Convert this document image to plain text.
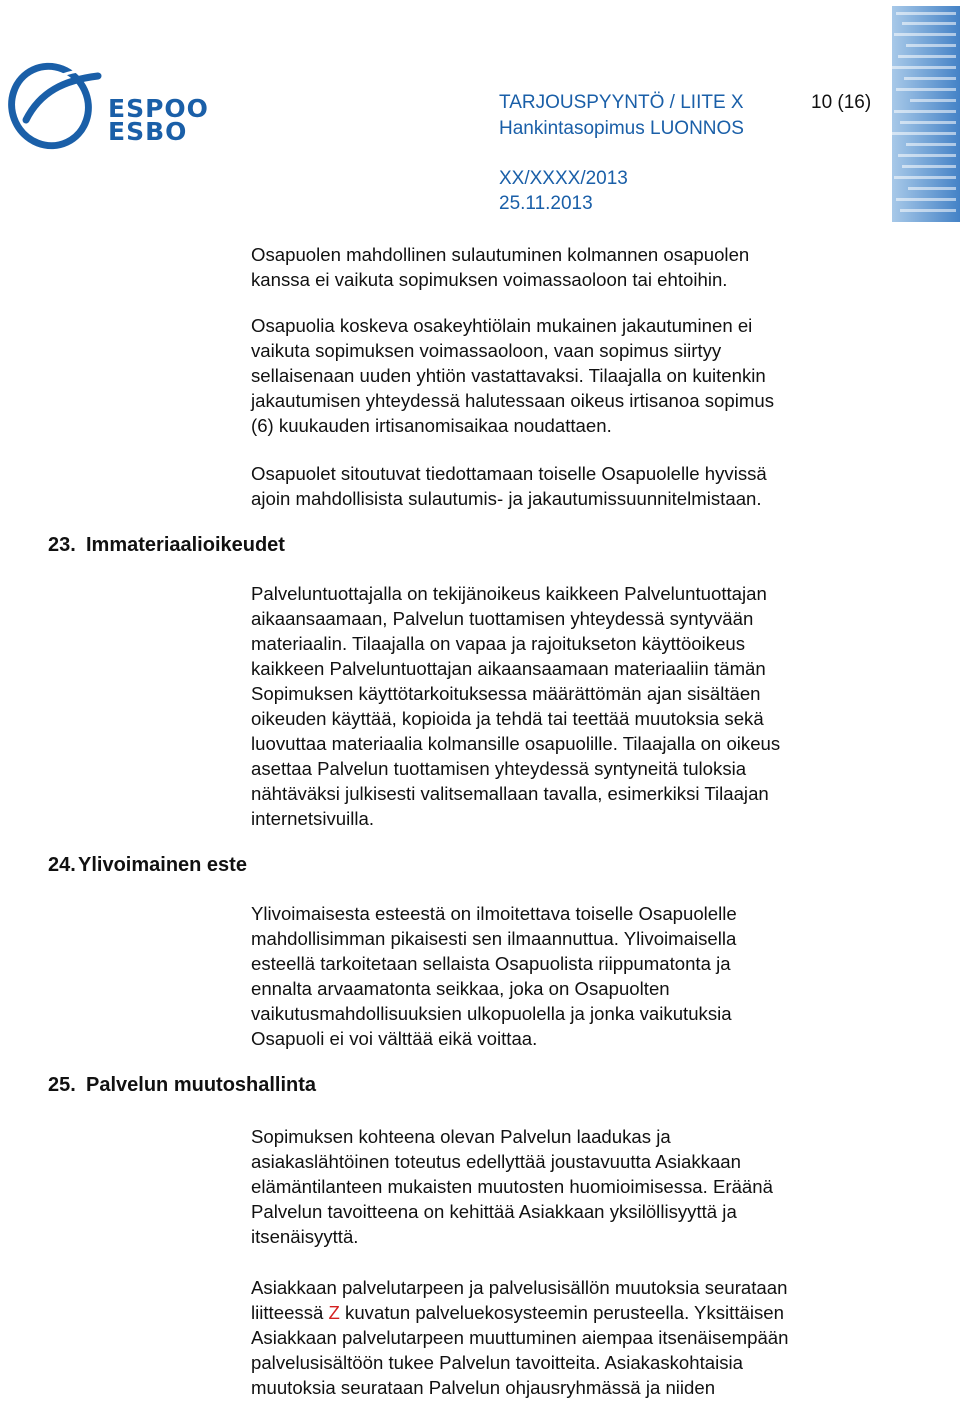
ESPOO
ESBO
TARJOUSPYYNTÖ / LIITE X	10 (16)
Hankintasopimus LUONNOS
XX/XXXX/2013
25.11.2013
23. Immateriaalioikeudet
24. Ylivoimainen este
25. Palvelun muutoshallinta
Osapuolen mahdollinen sulautuminen kolmannen osapuolen
kanssa ei vaikuta sopimuksen voimassaoloon tai ehtoihin.
Osapuolia koskeva osakeyhtiölain mukainen jakautuminen ei
vaikuta sopimuksen voimassaoloon, vaan sopimus siirtyy
sellaisenaan uuden yhtiön vastattavaksi. Tilaajalla on kuitenkin
jakautumisen yhteydessä halutessaan oikeus irtisanoa sopimus
(6) kuukauden irtisanomisaikaa noudattaen.
Osapuolet sitoutuvat tiedottamaan toiselle Osapuolelle hyvissä
ajoin mahdollisista sulautumis- ja jakautumissuunnitelmistaan.
Palveluntuottajalla on tekijänoikeus kaikkeen Palveluntuottajan
aikaansaamaan, Palvelun tuottamisen yhteydessä syntyvään
materiaalin. Tilaajalla on vapaa ja rajoitukseton käyttöoikeus
kaikkeen Palveluntuottajan aikaansaamaan materiaaliin tämän
Sopimuksen käyttötarkoituksessa määrättömän ajan sisältäen
oikeuden käyttää, kopioida ja tehdä tai teettää muutoksia sekä
luovuttaa materiaalia kolmansille osapuolille. Tilaajalla on oikeus
asettaa Palvelun tuottamisen yhteydessä syntyneitä tuloksia
nähtäväksi julkisesti valitsemallaan tavalla, esimerkiksi Tilaajan
internetsivuilla.
Ylivoimaisesta esteestä on ilmoitettava toiselle Osapuolelle
mahdollisimman pikaisesti sen ilmaannuttua. Ylivoimaisella
esteellä tarkoitetaan sellaista Osapuolista riippumatonta ja
ennalta arvaamatonta seikkaa, joka on Osapuolten
vaikutusmahdollisuuksien ulkopuolella ja jonka vaikutuksia
Osapuoli ei voi välttää eikä voittaa.
Sopimuksen kohteena olevan Palvelun laadukas ja
asiakaslähtöinen toteutus edellyttää joustavuutta Asiakkaan
elämäntilanteen mukaisten muutosten huomioimisessa. Eräänä
Palvelun tavoitteena on kehittää Asiakkaan yksilöllisyyttä ja
itsenäisyyttä.
Asiakkaan palvelutarpeen ja palvelusisällön muutoksia seurataan
liitteessä Z kuvatun palveluekosysteemin perusteella. Yksittäisen
Asiakkaan palvelutarpeen muuttuminen aiempaa itsenäisempään
palvelusisältöön tukee Palvelun tavoitteita. Asiakaskohtaisia
muutoksia seurataan Palvelun ohjausryhmässä ja niiden
